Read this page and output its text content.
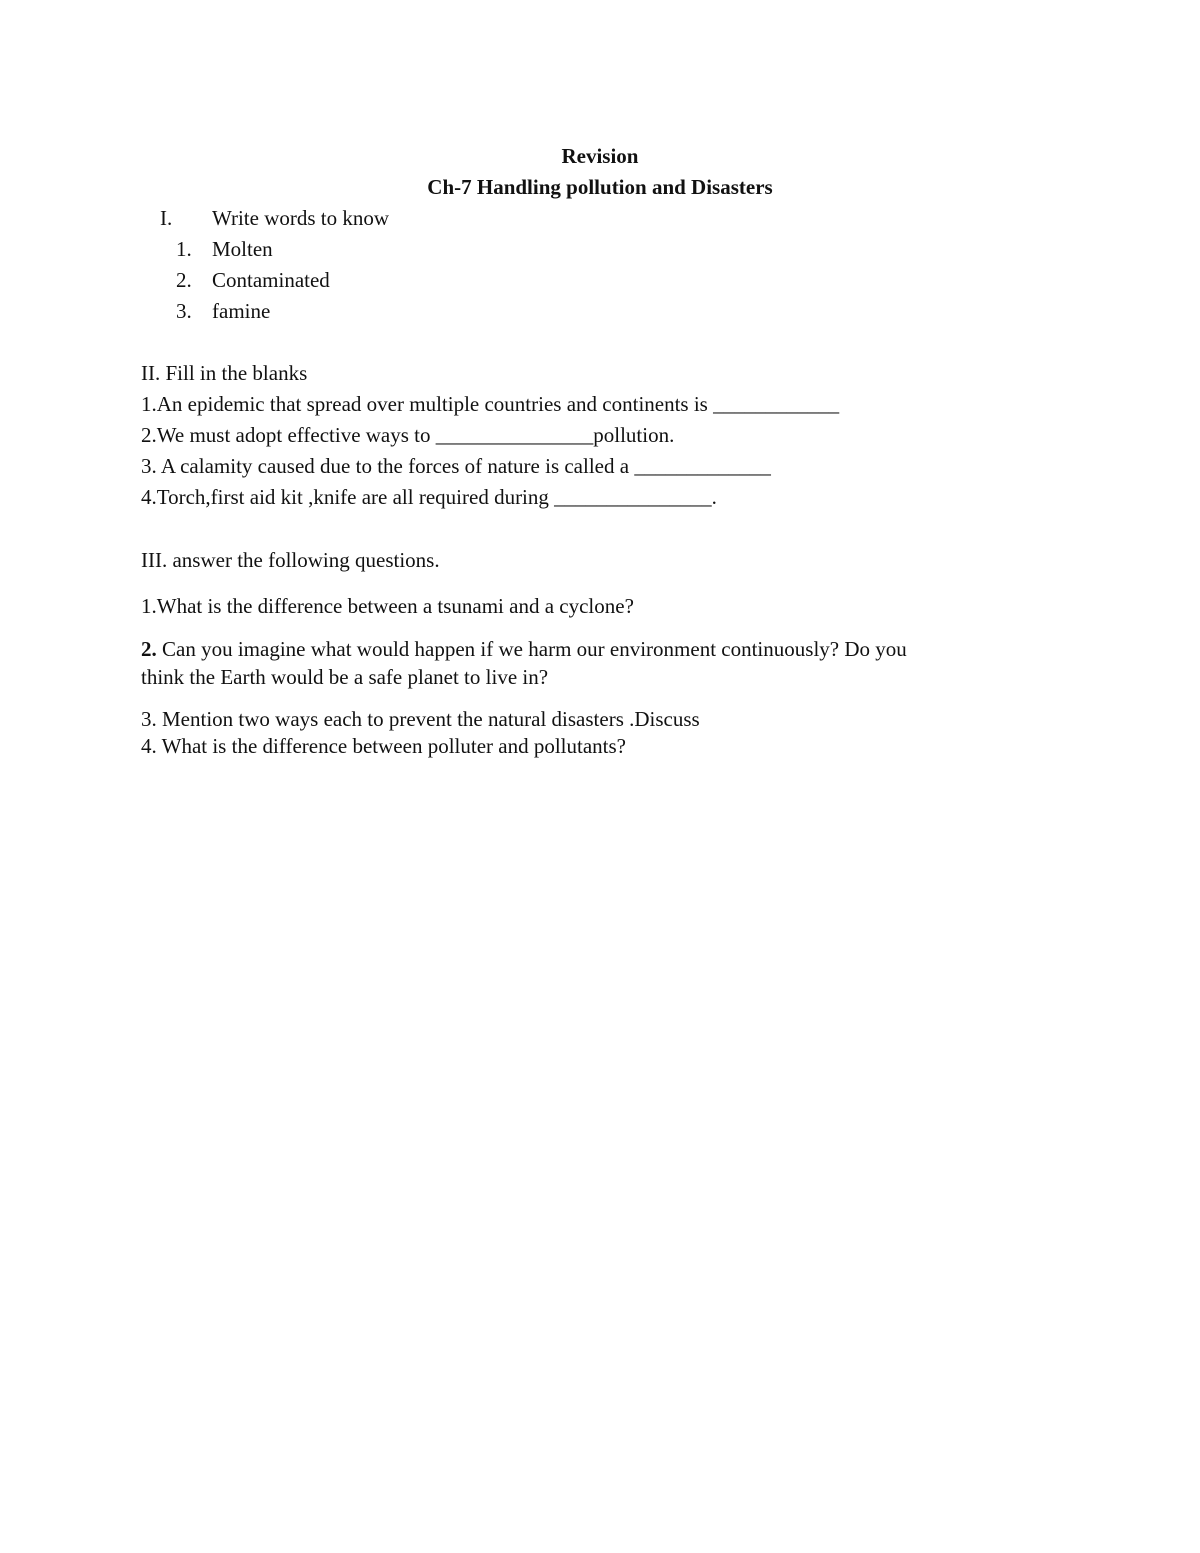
Revision
Ch-7 Handling pollution and Disasters
I. Write words to know
1. Molten
2. Contaminated
3. famine
II. Fill in the blanks
1.An epidemic that spread over multiple countries and continents is ____________
2.We must adopt effective ways to _______________pollution.
3. A calamity caused due to the forces of nature is called a _____________
4.Torch,first aid kit ,knife are all required during _______________.
III. answer the following questions.
1.What is the difference between a tsunami and a cyclone?
2. Can you imagine what would happen if we harm our environment continuously? Do you
think the Earth would be a safe planet to live in?
3. Mention two ways each to prevent the natural disasters .Discuss
4. What is the difference between polluter and pollutants?
